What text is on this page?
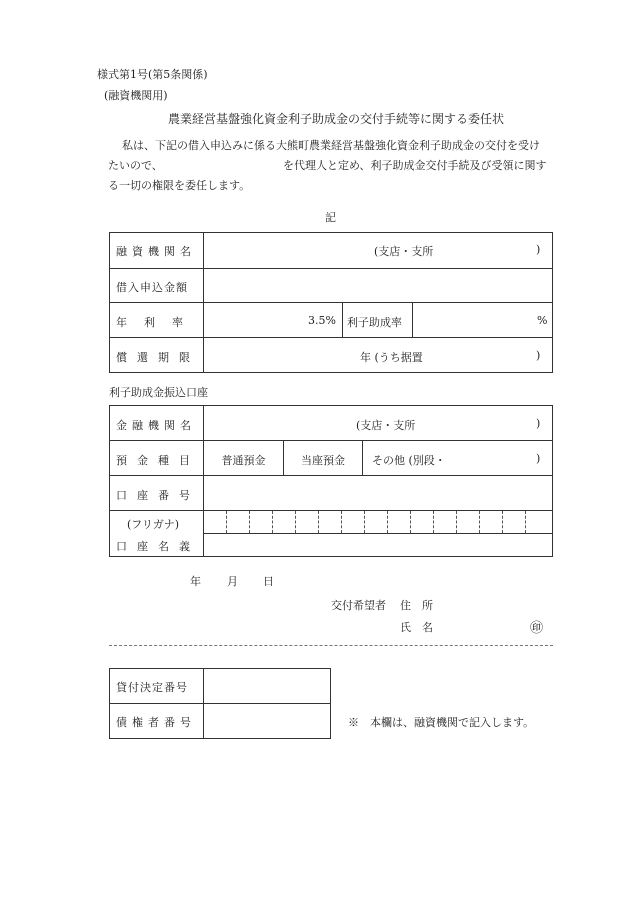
様式第1号(第5条関係)
(融資機関用)
農業経営基盤強化資金利子助成金の交付手続等に関する委任状
私は、下記の借入申込みに係る大熊町農業経営基盤強化資金利子助成金の交付を受け
たいので、	を代理人と定め、利子助成金交付手続及び受領に関す
る一切の権限を委任します。
記
融資機関名	(支店・支所	)
借入申込金額
年　利　率	3.5% 利子助成率	%
償還期限	年 (うち据置	)
利子助成金振込口座
金融機関名	(支店・支所	)
預金種目	普通預金	当座預金	その他 (別段・	)
口座番号
(フリガナ)
口座名義
年 月 日
交付希望者 住　所
氏　名	㊞
貸付決定番号
債権者番号	※　本欄は、融資機関で記入します。
